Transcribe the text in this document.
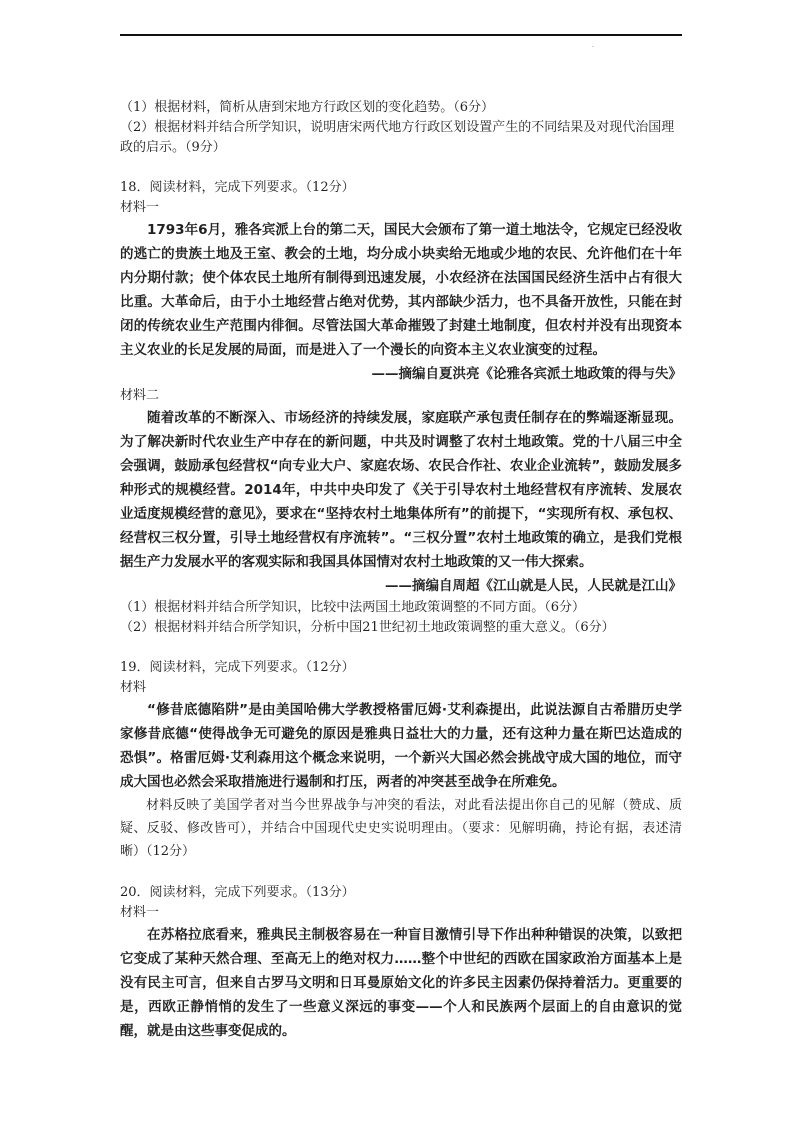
.

（1）根据材料，简析从唐到宋地方行政区划的变化趋势。（6分）

（2）根据材料并结合所学知识，说明唐宋两代地方行政区划设置产生的不同结果及对现代治国理政的启示。（9分）

18．阅读材料，完成下列要求。（12分）

材料一

1793年6月，雅各宾派上台的第二天，国民大会颁布了第一道土地法令，它规定已经没收的逃亡的贵族土地及王室、教会的土地，均分成小块卖给无地或少地的农民、允许他们在十年内分期付款；使个体农民土地所有制得到迅速发展，小农经济在法国国民经济生活中占有很大比重。大革命后，由于小土地经营占绝对优势，其内部缺少活力，也不具备开放性，只能在封闭的传统农业生产范围内徘徊。尽管法国大革命摧毁了封建土地制度，但农村并没有出现资本主义农业的长足发展的局面，而是进入了一个漫长的向资本主义农业演变的过程。

——摘编自夏洪亮《论雅各宾派土地政策的得与失》

材料二

随着改革的不断深入、市场经济的持续发展，家庭联产承包责任制存在的弊端逐渐显现。为了解决新时代农业生产中存在的新问题，中共及时调整了农村土地政策。党的十八届三中全会强调，鼓励承包经营权“向专业大户、家庭农场、农民合作社、农业企业流转”，鼓励发展多种形式的规模经营。2014年，中共中央印发了《关于引导农村土地经营权有序流转、发展农业适度规模经营的意见》，要求在“坚持农村土地集体所有”的前提下，“实现所有权、承包权、经营权三权分置，引导土地经营权有序流转”。“三权分置”农村土地政策的确立，是我们党根据生产力发展水平的客观实际和我国具体国情对农村土地政策的又一伟大探索。

——摘编自周超《江山就是人民，人民就是江山》

（1）根据材料并结合所学知识，比较中法两国土地政策调整的不同方面。（6分）

（2）根据材料并结合所学知识，分析中国21世纪初土地政策调整的重大意义。（6分）

19．阅读材料，完成下列要求。（12分）

材料

“修昔底德陷阱”是由美国哈佛大学教授格雷厄姆·艾利森提出，此说法源自古希腊历史学家修昔底德“使得战争无可避免的原因是雅典日益壮大的力量，还有这种力量在斯巴达造成的恐惧”。格雷厄姆·艾利森用这个概念来说明，一个新兴大国必然会挑战守成大国的地位，而守成大国也必然会采取措施进行遏制和打压，两者的冲突甚至战争在所难免。

材料反映了美国学者对当今世界战争与冲突的看法，对此看法提出你自己的见解（赞成、质疑、反驳、修改皆可），并结合中国现代史史实说明理由。（要求：见解明确，持论有据，表述清晰）（12分）

20．阅读材料，完成下列要求。（13分）

材料一

在苏格拉底看来，雅典民主制极容易在一种盲目激情引导下作出种种错误的决策，以致把它变成了某种天然合理、至高无上的绝对权力……整个中世纪的西欧在国家政治方面基本上是没有民主可言，但来自古罗马文明和日耳曼原始文化的许多民主因素仍保持着活力。更重要的是，西欧正静悄悄的发生了一些意义深远的事变——个人和民族两个层面上的自由意识的觉醒，就是由这些事变促成的。
